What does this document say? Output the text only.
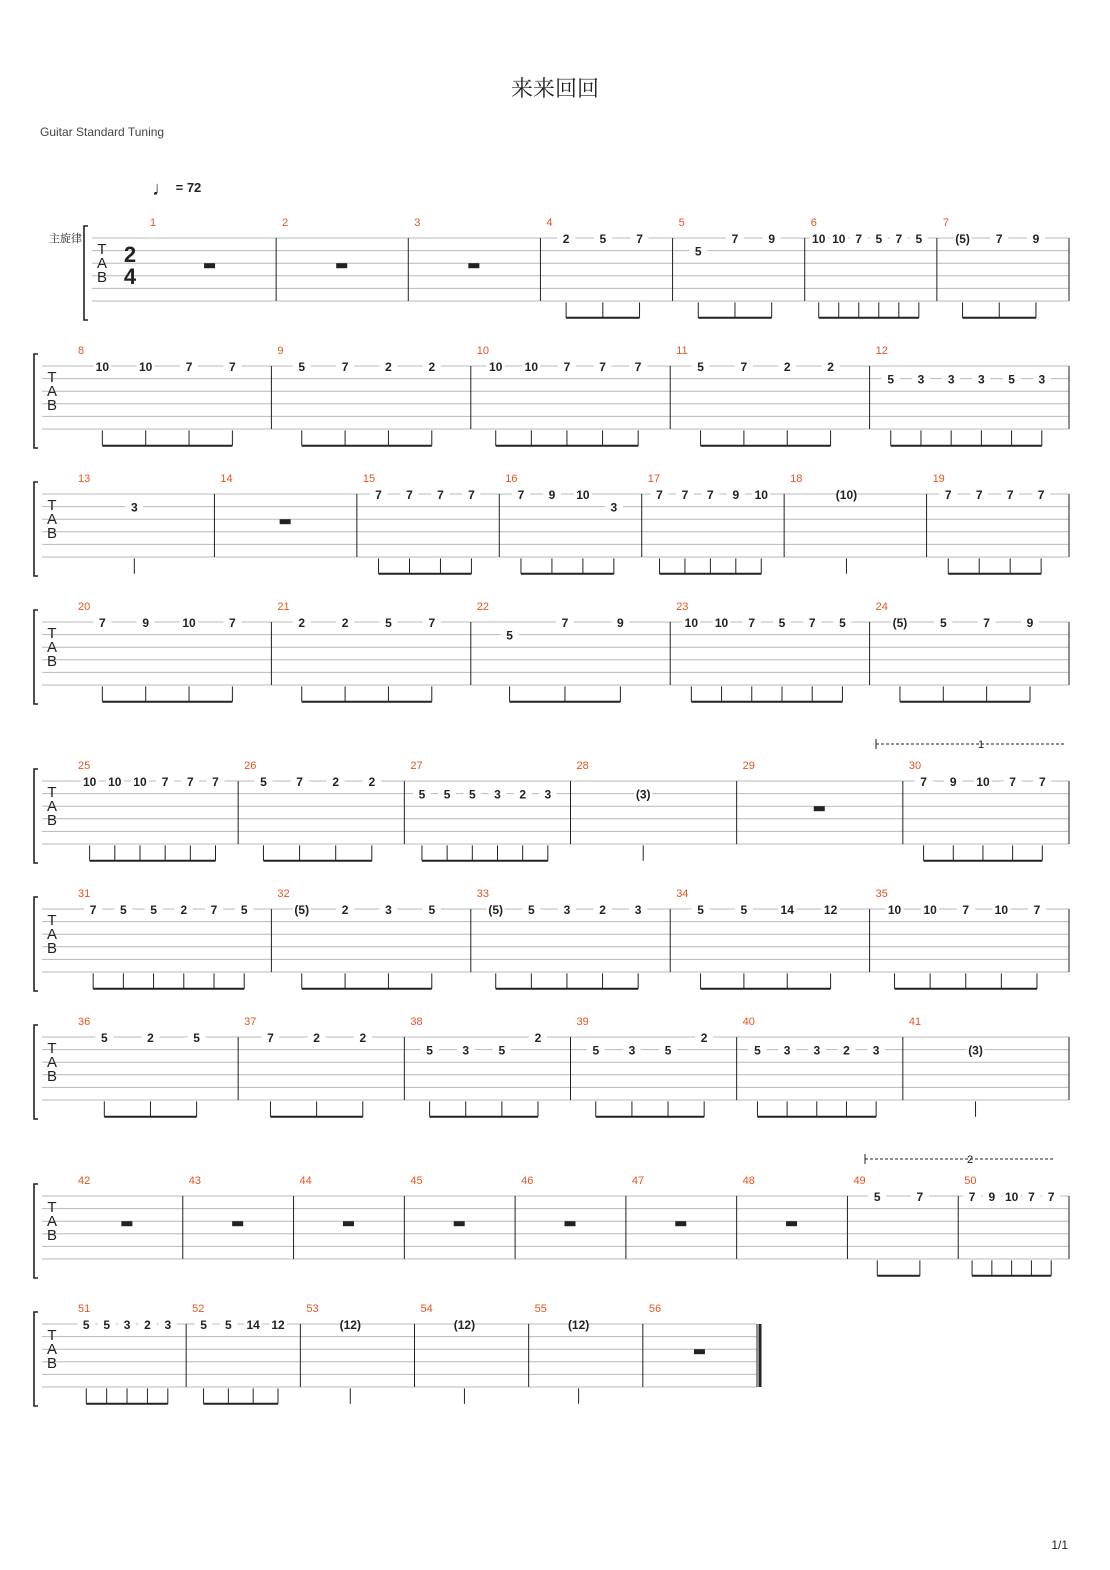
来来回回
Guitar Standard Tuning
♩ = 72
主旋律
T
A
B
2
4
1	2	3	4
2	5	7
5
5
7	9
6
10 10 7 5 7 5
7
(5) 7	9
T
A
B
8
10 10	7	7
9
5	7	2	2
10
10 10 7 7 7
11
5	7	2	2
12
5 3 3 3 5 3
T
A
B
13
3
14	15
7 7 7 7
16
7 9 10
3
17
7 7 7 9 10
18
(10)
19
7 7 7 7
T
A
B
20
7	9	10	7
21
2	2	5	7
22
5
7	9
23
10 10 7 5 7 5
24
(5)	5	7	9
T
A
B
25
10 10 10 7 7 7
26
5 7 2 2
27
5 5 5 3 2 3
28
(3)
29	30
7 9 10 7 7
T
A
B
31
7 5 5 2 7 5
32
(5)	2	3	5
33
(5) 5 3 2 3
34
5	5	14 12
35
10 10 7 10 7
T
A
B
36
5	2	5
37
7	2	2
38
5 3 5
2
39
5 3 5
2
40
5 3 3 2 3
41
(3)
T
A
B
42	43	44	45	46	47	48	49
5	7
50
7 9 10 7 7
T
A
B
51
5 5 3 2 3
52
5 5 14 12
53
(12)
54
(12)
55
(12)
56
1
2
1/1
